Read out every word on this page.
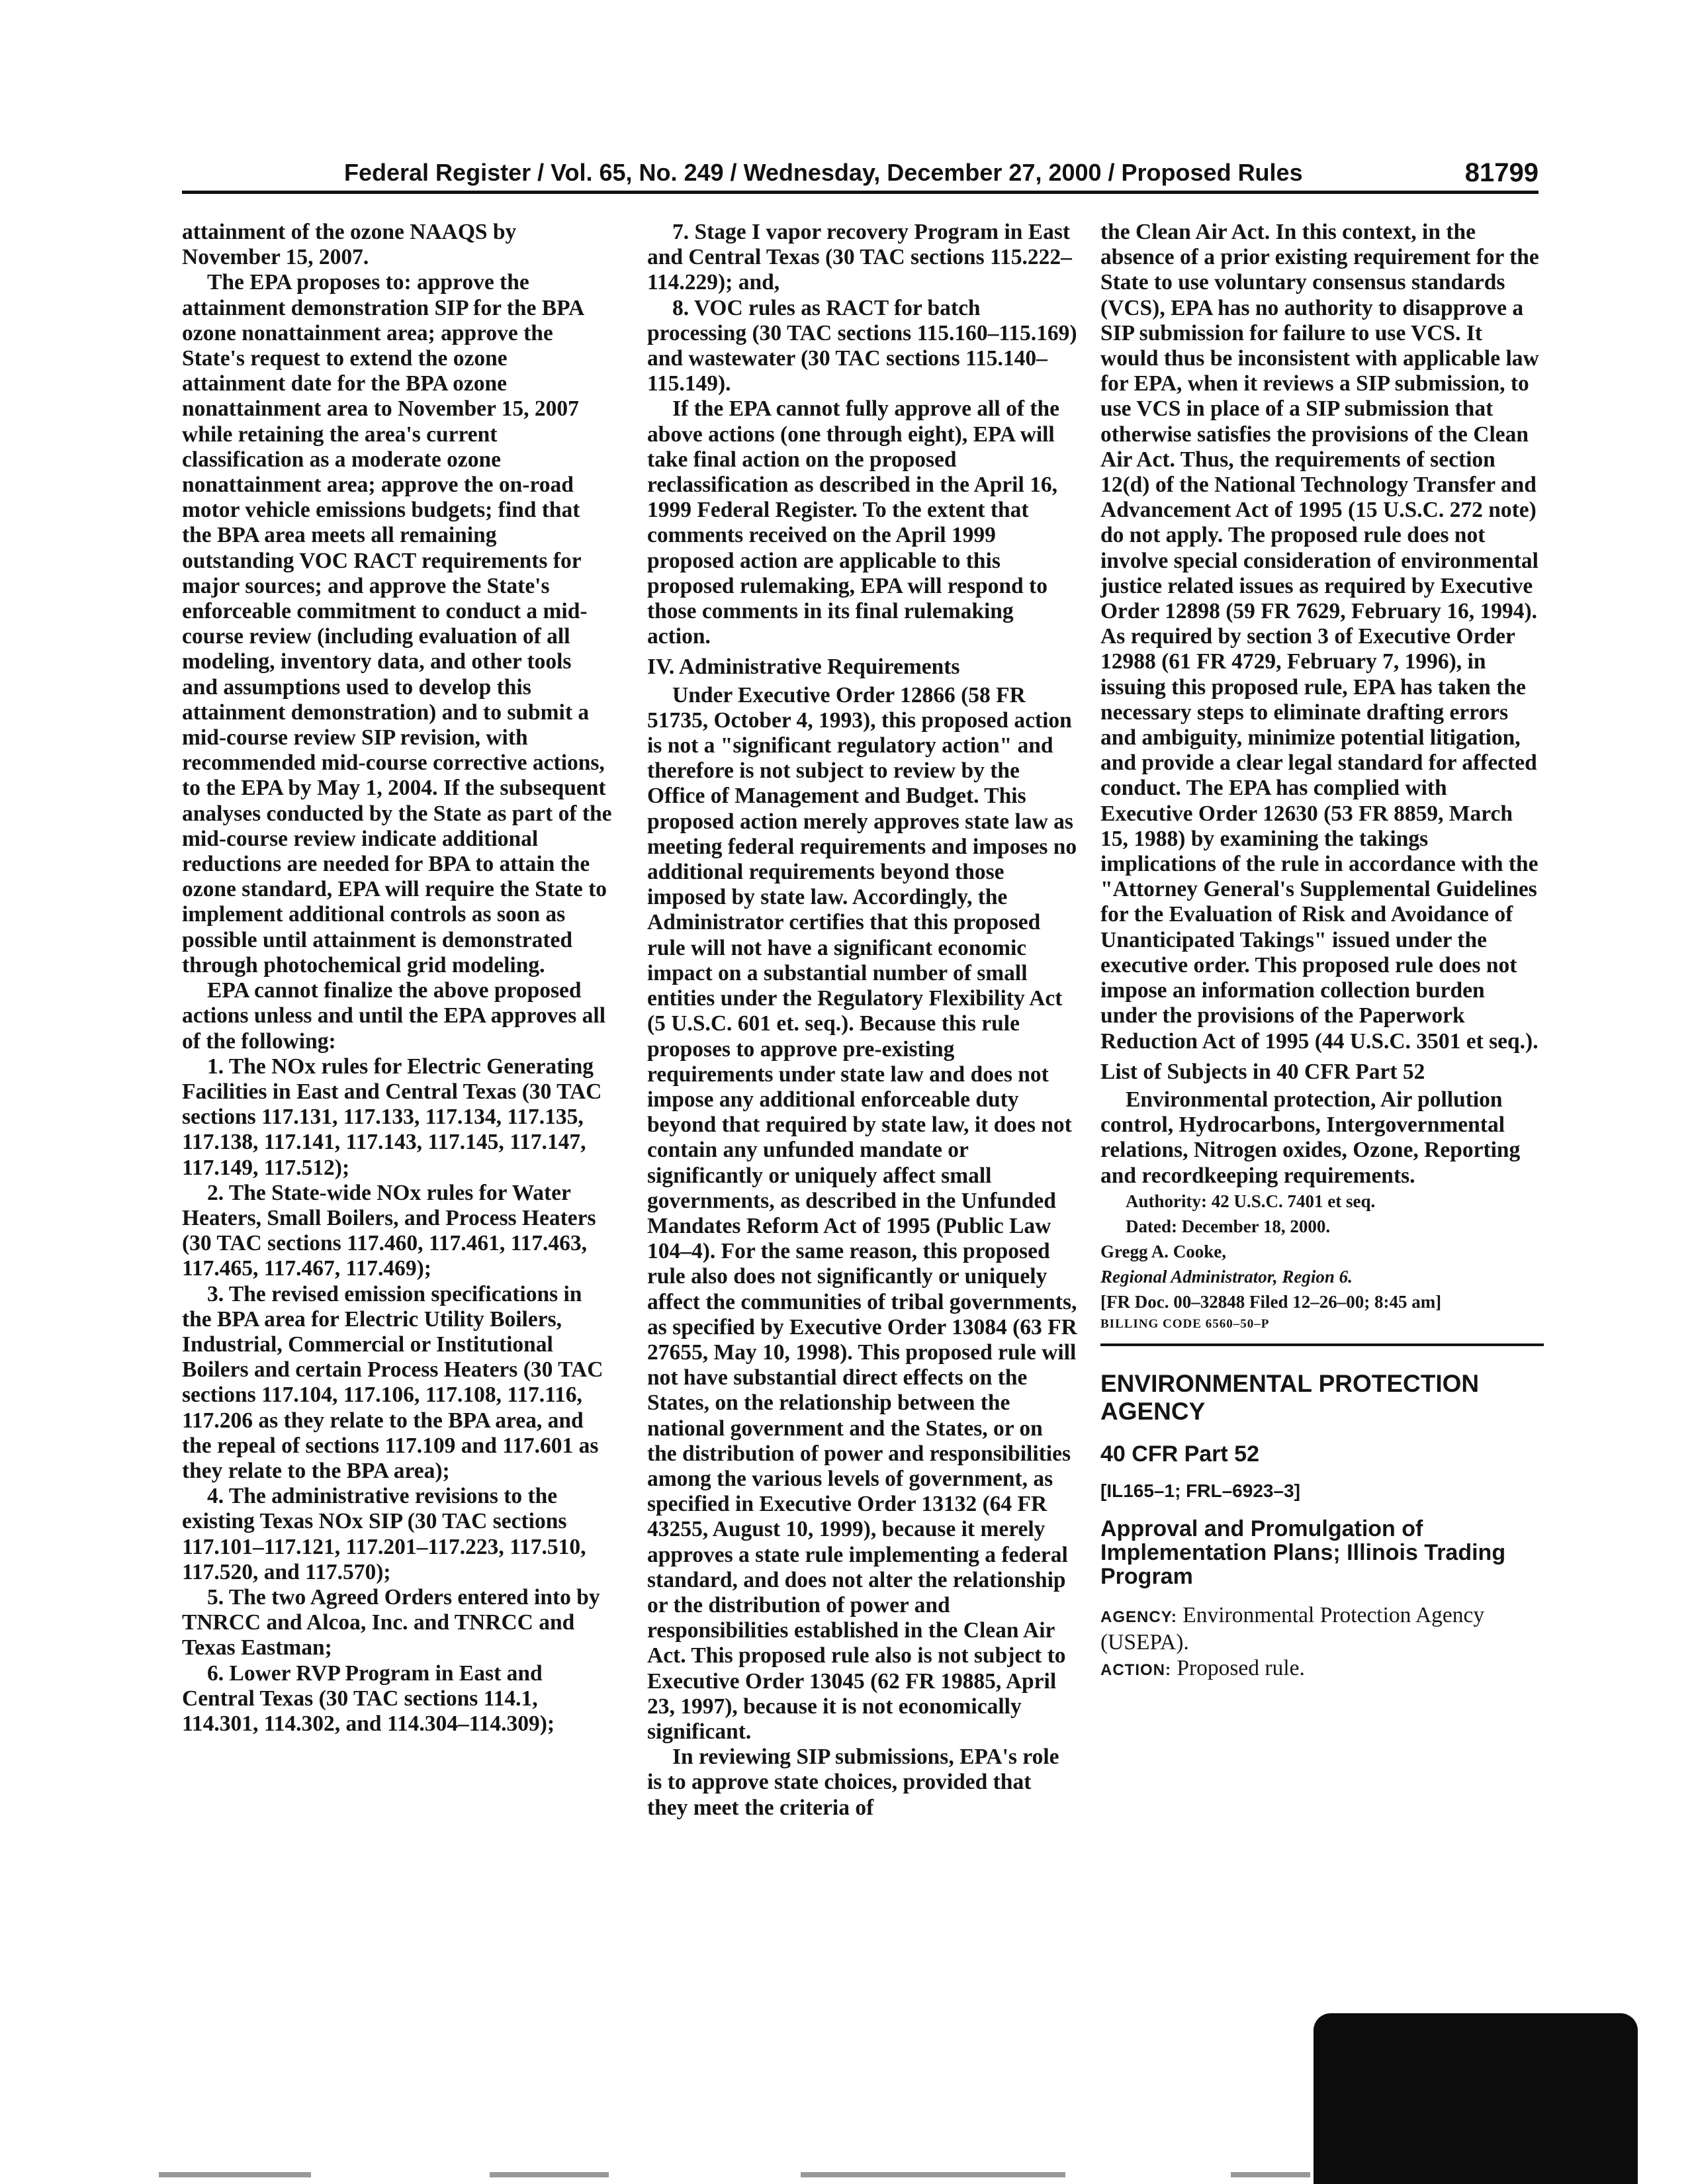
Federal Register / Vol. 65, No. 249 / Wednesday, December 27, 2000 / Proposed Rules	81799

attainment of the ozone NAAQS by November 15, 2007.

The EPA proposes to: approve the attainment demonstration SIP for the BPA ozone nonattainment area; approve the State's request to extend the ozone attainment date for the BPA ozone nonattainment area to November 15, 2007 while retaining the area's current classification as a moderate ozone nonattainment area; approve the on-road motor vehicle emissions budgets; find that the BPA area meets all remaining outstanding VOC RACT requirements for major sources; and approve the State's enforceable commitment to conduct a mid-course review (including evaluation of all modeling, inventory data, and other tools and assumptions used to develop this attainment demonstration) and to submit a mid-course review SIP revision, with recommended mid-course corrective actions, to the EPA by May 1, 2004. If the subsequent analyses conducted by the State as part of the mid-course review indicate additional reductions are needed for BPA to attain the ozone standard, EPA will require the State to implement additional controls as soon as possible until attainment is demonstrated through photochemical grid modeling.

EPA cannot finalize the above proposed actions unless and until the EPA approves all of the following:

1. The NOx rules for Electric Generating Facilities in East and Central Texas (30 TAC sections 117.131, 117.133, 117.134, 117.135, 117.138, 117.141, 117.143, 117.145, 117.147, 117.149, 117.512);

2. The State-wide NOx rules for Water Heaters, Small Boilers, and Process Heaters (30 TAC sections 117.460, 117.461, 117.463, 117.465, 117.467, 117.469);

3. The revised emission specifications in the BPA area for Electric Utility Boilers, Industrial, Commercial or Institutional Boilers and certain Process Heaters (30 TAC sections 117.104, 117.106, 117.108, 117.116, 117.206 as they relate to the BPA area, and the repeal of sections 117.109 and 117.601 as they relate to the BPA area);

4. The administrative revisions to the existing Texas NOx SIP (30 TAC sections 117.101–117.121, 117.201–117.223, 117.510, 117.520, and 117.570);

5. The two Agreed Orders entered into by TNRCC and Alcoa, Inc. and TNRCC and Texas Eastman;

6. Lower RVP Program in East and Central Texas (30 TAC sections 114.1, 114.301, 114.302, and 114.304–114.309);

7. Stage I vapor recovery Program in East and Central Texas (30 TAC sections 115.222–114.229); and,

8. VOC rules as RACT for batch processing (30 TAC sections 115.160–115.169) and wastewater (30 TAC sections 115.140–115.149).

If the EPA cannot fully approve all of the above actions (one through eight), EPA will take final action on the proposed reclassification as described in the April 16, 1999 Federal Register. To the extent that comments received on the April 1999 proposed action are applicable to this proposed rulemaking, EPA will respond to those comments in its final rulemaking action.

IV. Administrative Requirements

Under Executive Order 12866 (58 FR 51735, October 4, 1993), this proposed action is not a "significant regulatory action" and therefore is not subject to review by the Office of Management and Budget. This proposed action merely approves state law as meeting federal requirements and imposes no additional requirements beyond those imposed by state law. Accordingly, the Administrator certifies that this proposed rule will not have a significant economic impact on a substantial number of small entities under the Regulatory Flexibility Act (5 U.S.C. 601 et. seq.). Because this rule proposes to approve pre-existing requirements under state law and does not impose any additional enforceable duty beyond that required by state law, it does not contain any unfunded mandate or significantly or uniquely affect small governments, as described in the Unfunded Mandates Reform Act of 1995 (Public Law 104–4). For the same reason, this proposed rule also does not significantly or uniquely affect the communities of tribal governments, as specified by Executive Order 13084 (63 FR 27655, May 10, 1998). This proposed rule will not have substantial direct effects on the States, on the relationship between the national government and the States, or on the distribution of power and responsibilities among the various levels of government, as specified in Executive Order 13132 (64 FR 43255, August 10, 1999), because it merely approves a state rule implementing a federal standard, and does not alter the relationship or the distribution of power and responsibilities established in the Clean Air Act. This proposed rule also is not subject to Executive Order 13045 (62 FR 19885, April 23, 1997), because it is not economically significant.

In reviewing SIP submissions, EPA's role is to approve state choices, provided that they meet the criteria of

the Clean Air Act. In this context, in the absence of a prior existing requirement for the State to use voluntary consensus standards (VCS), EPA has no authority to disapprove a SIP submission for failure to use VCS. It would thus be inconsistent with applicable law for EPA, when it reviews a SIP submission, to use VCS in place of a SIP submission that otherwise satisfies the provisions of the Clean Air Act. Thus, the requirements of section 12(d) of the National Technology Transfer and Advancement Act of 1995 (15 U.S.C. 272 note) do not apply. The proposed rule does not involve special consideration of environmental justice related issues as required by Executive Order 12898 (59 FR 7629, February 16, 1994). As required by section 3 of Executive Order 12988 (61 FR 4729, February 7, 1996), in issuing this proposed rule, EPA has taken the necessary steps to eliminate drafting errors and ambiguity, minimize potential litigation, and provide a clear legal standard for affected conduct. The EPA has complied with Executive Order 12630 (53 FR 8859, March 15, 1988) by examining the takings implications of the rule in accordance with the "Attorney General's Supplemental Guidelines for the Evaluation of Risk and Avoidance of Unanticipated Takings" issued under the executive order. This proposed rule does not impose an information collection burden under the provisions of the Paperwork Reduction Act of 1995 (44 U.S.C. 3501 et seq.).

List of Subjects in 40 CFR Part 52

Environmental protection, Air pollution control, Hydrocarbons, Intergovernmental relations, Nitrogen oxides, Ozone, Reporting and recordkeeping requirements.

Authority: 42 U.S.C. 7401 et seq.

Dated: December 18, 2000.

Gregg A. Cooke,

Regional Administrator, Region 6.

[FR Doc. 00–32848 Filed 12–26–00; 8:45 am]

BILLING CODE 6560–50–P

ENVIRONMENTAL PROTECTION AGENCY
40 CFR Part 52
[IL165–1; FRL–6923–3]
Approval and Promulgation of Implementation Plans; Illinois Trading Program

AGENCY: Environmental Protection Agency (USEPA).

ACTION: Proposed rule.
